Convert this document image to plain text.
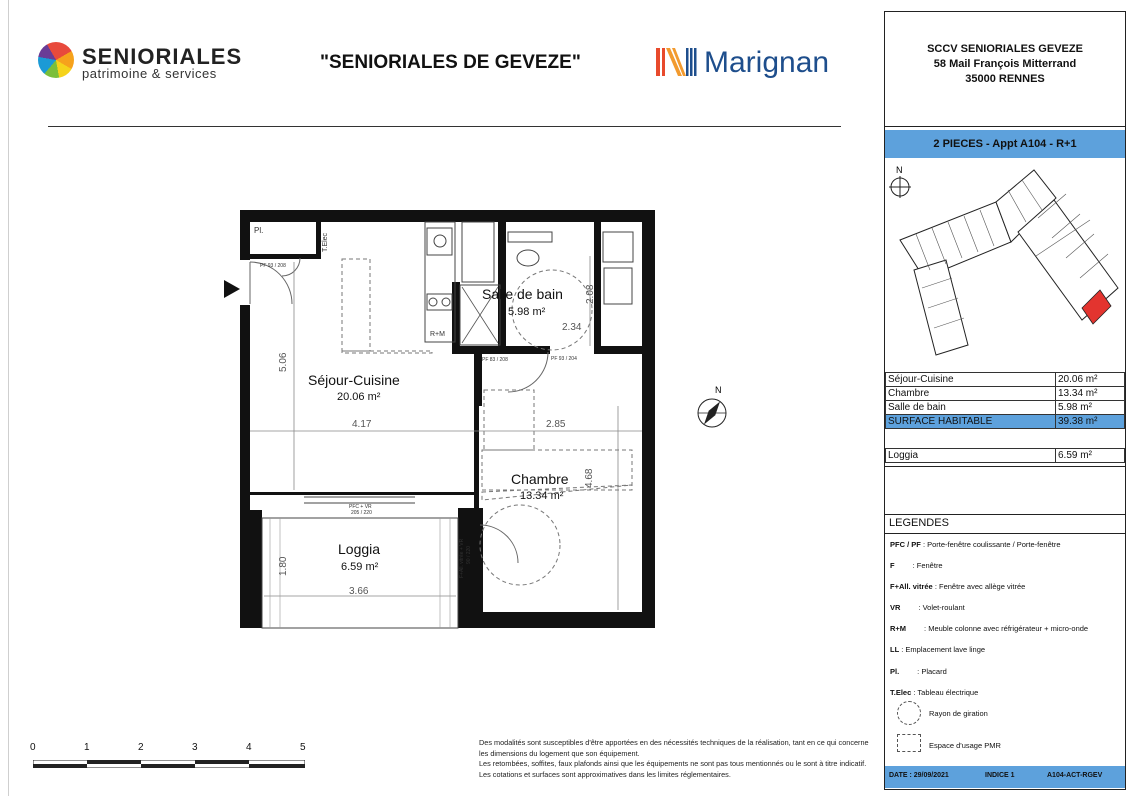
SENIORIALES
patrimoine & services
"SENIORIALES DE GEVEZE"	Marignan
Séjour-Cuisine
20.06 m²
Salle de bain
5.98 m²
Chambre
13.34 m²
Loggia
6.59 m²
4.17	2.85
2.34
3.66
5.06
2.08
4.68
1.80
Pl.
T.Elec
R+M
PF 93 / 208
PF 83 / 208	PF 93 / 204
PFC + VR
205 / 220
F+All. vitrée + VR 90 / 220
N
0	1	2	3	4	5	Des modalités sont susceptibles d'être apportées en des nécessités techniques de la réalisation, tant en ce qui concerne les dimensions du logement que son équipement.

Les retombées, soffites, faux plafonds ainsi que les équipements ne sont pas tous mentionnés ou le sont à titre indicatif.

Les cotations et surfaces sont approximatives dans les limites réglementaires.

SCCV SENIORIALES GEVEZE
58 Mail François Mitterrand
35000 RENNES
2 PIECES - Appt A104 - R+1
N
Séjour-Cuisine	20.06 m²
Chambre	13.34 m²
Salle de bain	5.98 m²
SURFACE HABITABLE	39.38 m²
Loggia	6.59 m²
LEGENDES
PFC / PF : Porte-fenêtre coulissante / Porte-fenêtre
F : Fenêtre
F+All. vitrée : Fenêtre avec allège vitrée
VR : Volet-roulant
R+M : Meuble colonne avec réfrigérateur + micro-onde
LL : Emplacement lave linge
Pl. : Placard
T.Elec : Tableau électrique
Rayon de giration
Espace d'usage PMR
DATE : 29/09/2021	INDICE 1	A104-ACT-RGEV
